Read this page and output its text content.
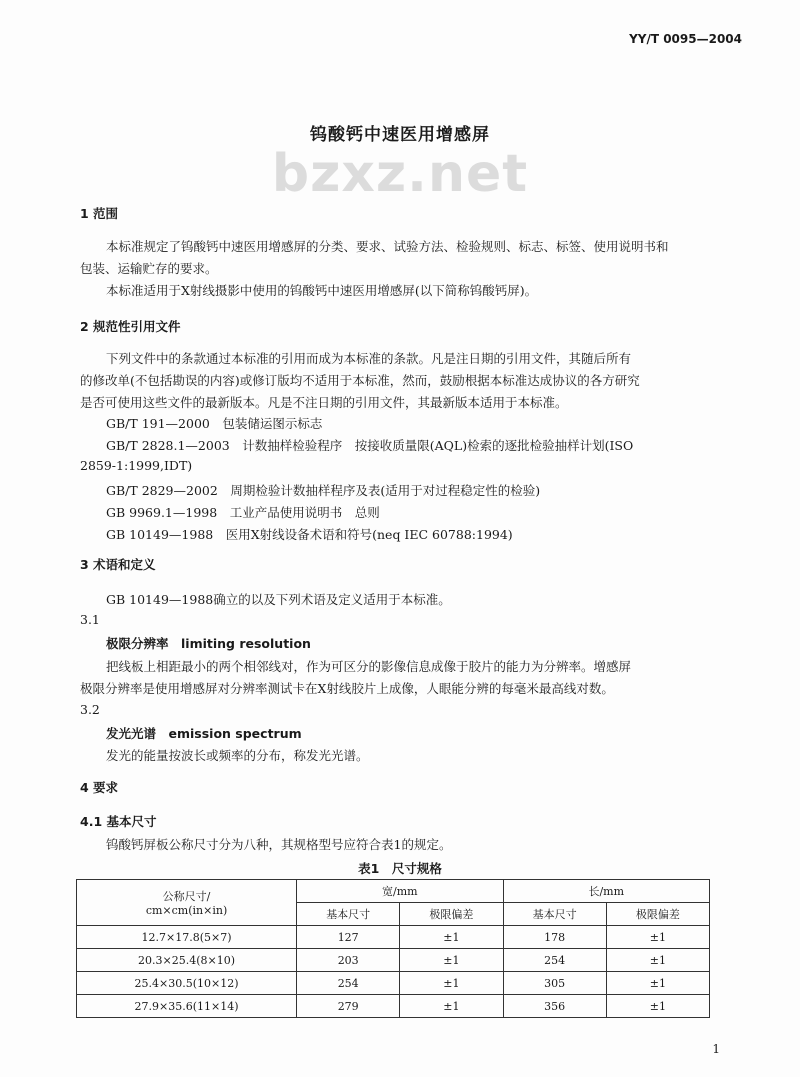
YY/T 0095—2004
钨酸钙中速医用增感屏
bzxz.net
1 范围
本标准规定了钨酸钙中速医用增感屏的分类、要求、试验方法、检验规则、标志、标签、使用说明书和
包装、运输贮存的要求。
本标准适用于X射线摄影中使用的钨酸钙中速医用增感屏(以下简称钨酸钙屏)。
2 规范性引用文件
下列文件中的条款通过本标准的引用而成为本标准的条款。凡是注日期的引用文件，其随后所有
的修改单(不包括勘误的内容)或修订版均不适用于本标准，然而，鼓励根据本标准达成协议的各方研究
是否可使用这些文件的最新版本。凡是不注日期的引用文件，其最新版本适用于本标准。
GB/T 191—2000　包装储运图示标志
GB/T 2828.1—2003　计数抽样检验程序　按接收质量限(AQL)检索的逐批检验抽样计划(ISO
2859-1:1999,IDT)
GB/T 2829—2002　周期检验计数抽样程序及表(适用于对过程稳定性的检验)
GB 9969.1—1998　工业产品使用说明书　总则
GB 10149—1988　医用X射线设备术语和符号(neq IEC 60788:1994)
3 术语和定义
GB 10149—1988确立的以及下列术语及定义适用于本标准。
3.1
极限分辨率　limiting resolution
把线板上相距最小的两个相邻线对，作为可区分的影像信息成像于胶片的能力为分辨率。增感屏
极限分辨率是使用增感屏对分辨率测试卡在X射线胶片上成像，人眼能分辨的每毫米最高线对数。
3.2
发光光谱　emission spectrum
发光的能量按波长或频率的分布，称发光光谱。
4 要求
4.1 基本尺寸
钨酸钙屏板公称尺寸分为八种，其规格型号应符合表1的规定。
表1　尺寸规格
公称尺寸/
cm×cm(in×in)	宽/mm		长/mm	
	基本尺寸	极限偏差	基本尺寸	极限偏差
12.7×17.8(5×7)	127	±1	178	±1
20.3×25.4(8×10)	203	±1	254	±1
25.4×30.5(10×12)	254	±1	305	±1
27.9×35.6(11×14)	279	±1	356	±1
1
